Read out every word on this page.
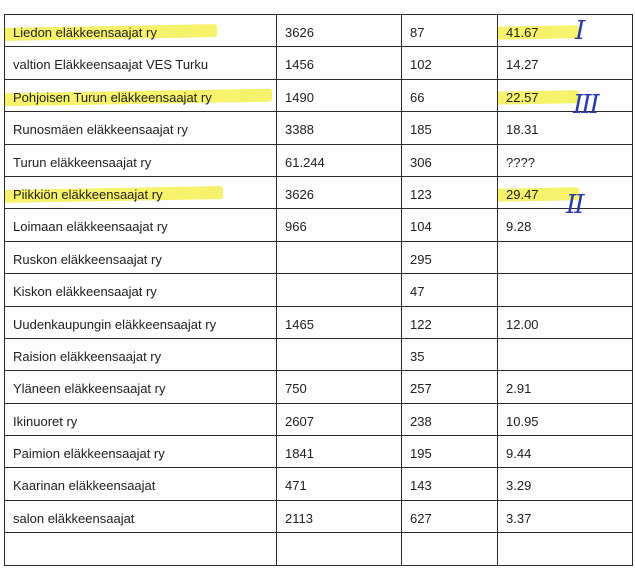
Liedon eläkkeensaajat ry	3626	87	41.67
valtion Eläkkeensaajat VES Turku	1456	102	14.27
Pohjoisen Turun eläkkeensaajat ry	1490	66	22.57
Runosmäen eläkkeensaajat ry	3388	185	18.31
Turun eläkkeensaajat ry	61.244	306	????
Piikkiön eläkkeensaajat ry	3626	123	29.47
Loimaan eläkkeensaajat ry	966	104	9.28
Ruskon eläkkeensaajat ry		295	
Kiskon eläkkeensaajat ry		47	
Uudenkaupungin eläkkeensaajat ry	1465	122	12.00
Raision eläkkeensaajat ry		35	
Yläneen eläkkeensaajat ry	750	257	2.91
Ikinuoret ry	2607	238	10.95
Paimion eläkkeensaajat ry	1841	195	9.44
Kaarinan eläkkeensaajat	471	143	3.29
salon eläkkeensaajat	2113	627	3.37

I
III
II
